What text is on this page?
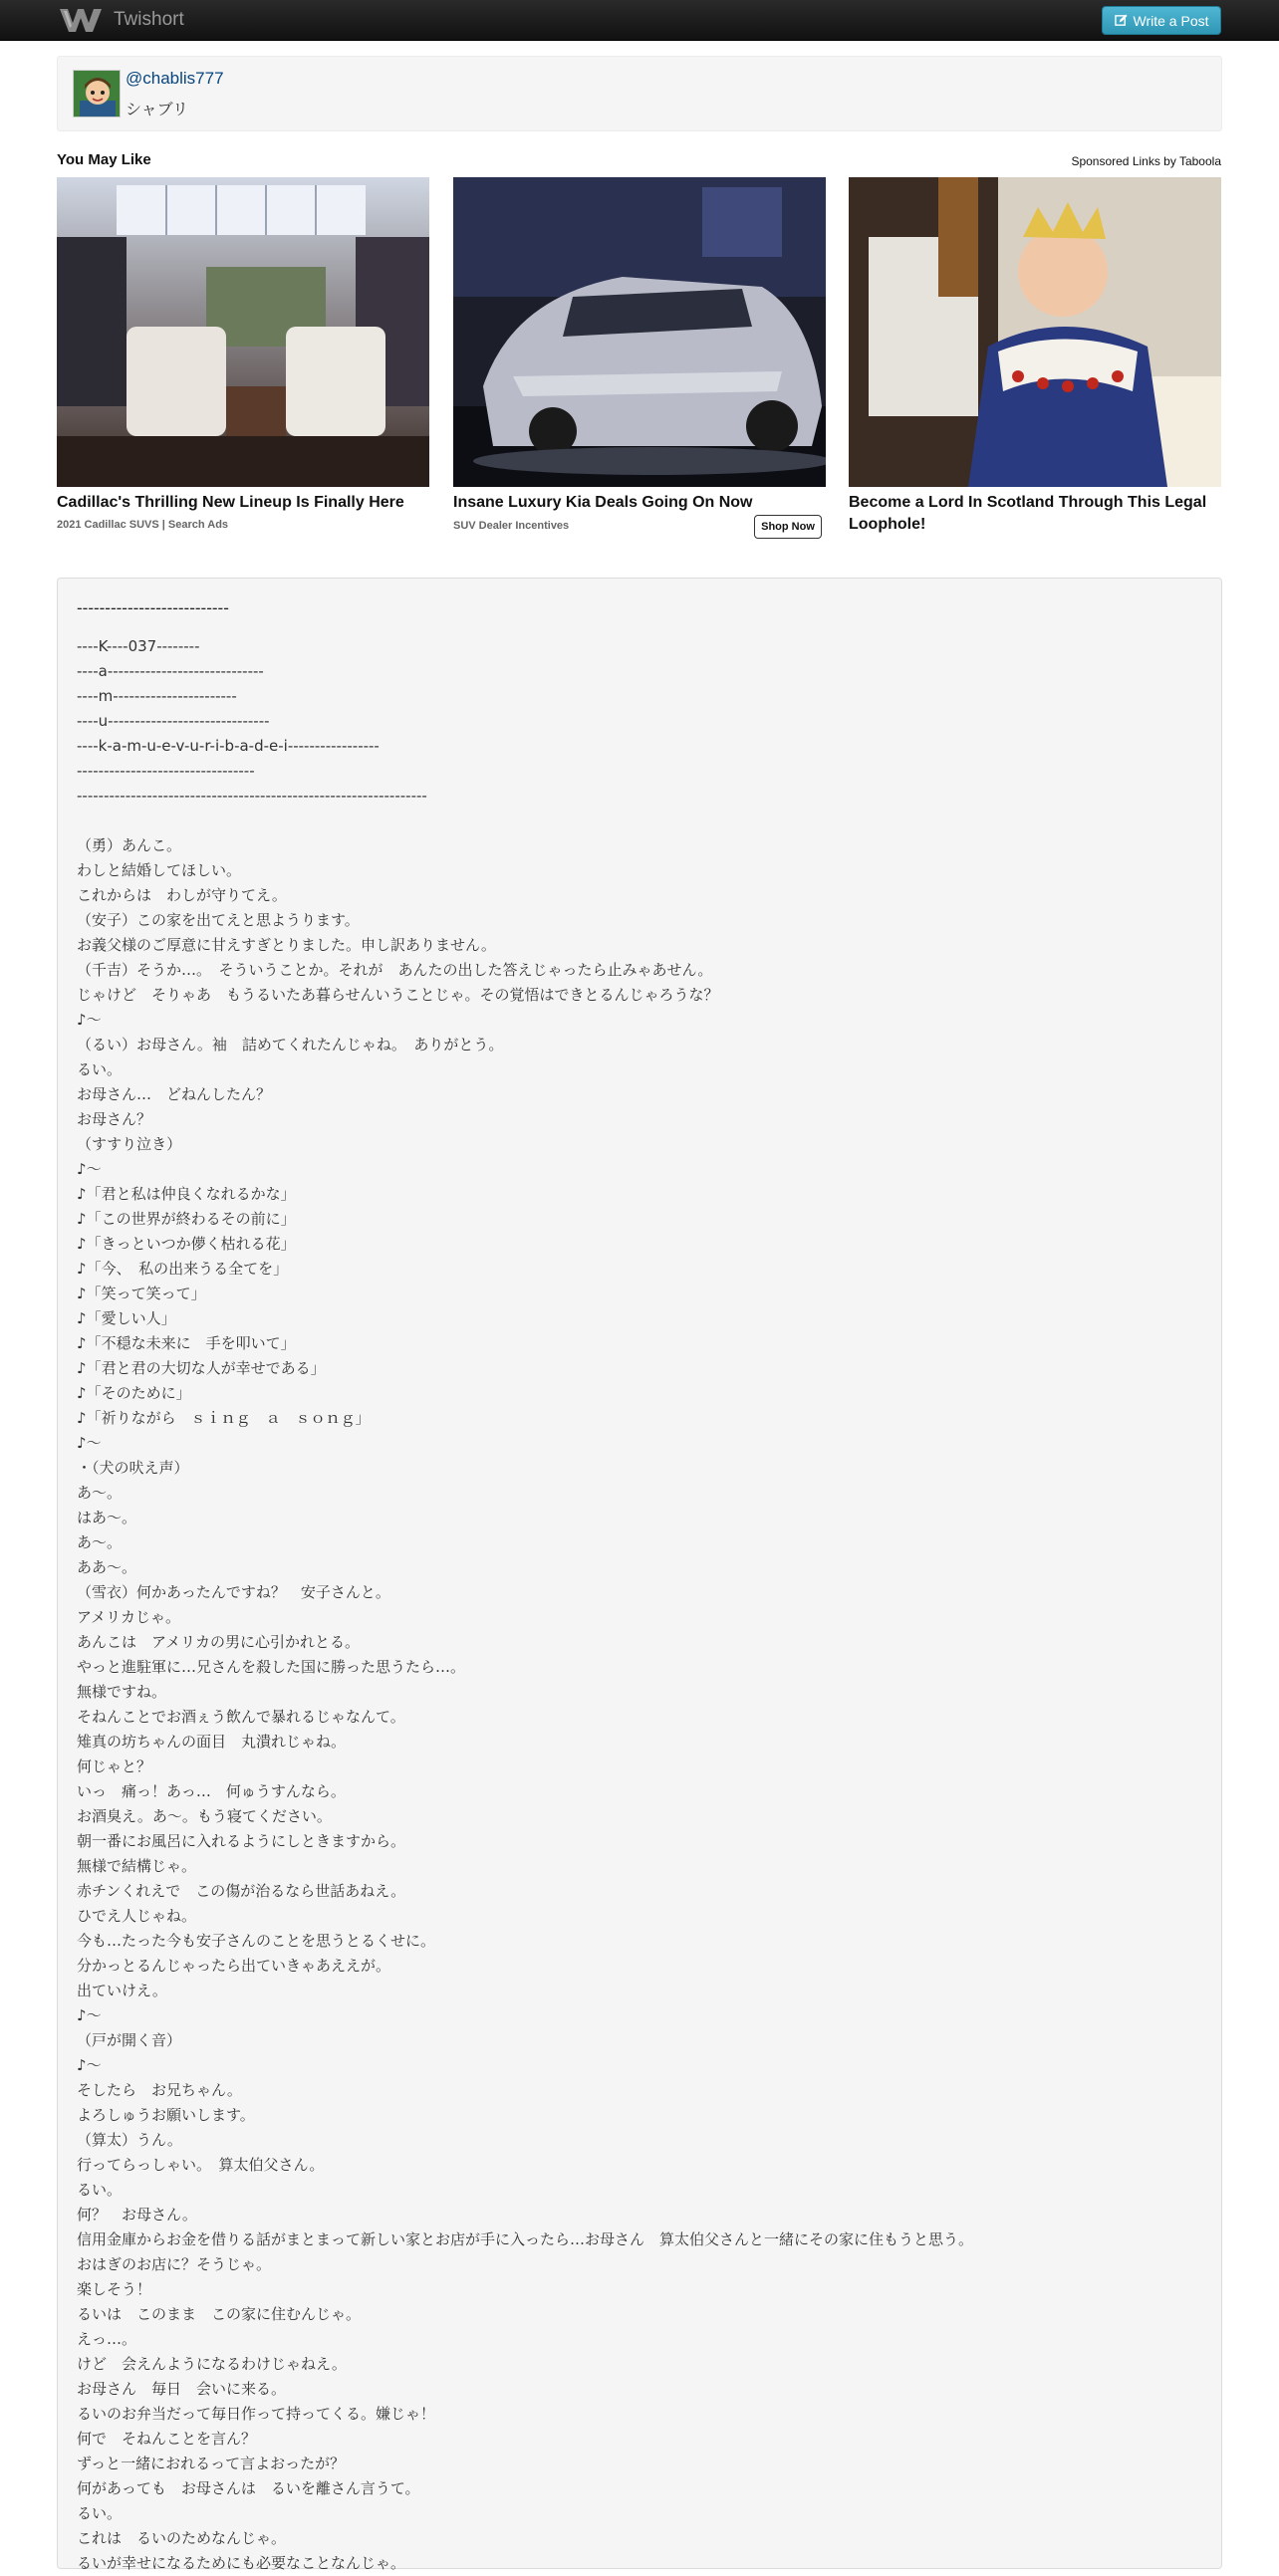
Twishort	Write a Post
@chablis777
シャブリ
You May Like	Sponsored Links by Taboola
Cadillac's Thrilling New Lineup Is Finally Here
2021 Cadillac SUVS | Search Ads
Insane Luxury Kia Deals Going On Now
SUV Dealer Incentives	Shop Now
Become a Lord In Scotland Through This Legal Loophole!
---------------------------
----K----037--------
----a-----------------------------
----m-----------------------
----u------------------------------
----k-a-m-u-e-v-u-r-i-b-a-d-e-i-----------------
---------------------------------
-----------------------------------------------------------------
（勇）あんこ。
わしと結婚してほしい。
これからは　わしが守りてえ。
（安子）この家を出てえと思ようります。
お義父様のご厚意に甘えすぎとりました。申し訳ありません。
（千吉）そうか…。　そういうことか。それが　あんたの出した答えじゃったら止みゃあせん。
じゃけど　そりゃあ　もうるいたあ暮らせんいうことじゃ。その覚悟はできとるんじゃろうな？
♪～
（るい）お母さん。袖　詰めてくれたんじゃね。　ありがとう。
るい。
お母さん…　どねんしたん？
お母さん？
（すすり泣き）
♪～
♪「君と私は仲良くなれるかな」
♪「この世界が終わるその前に」
♪「きっといつか儚く枯れる花」
♪「今、　私の出来うる全てを」
♪「笑って笑って」
♪「愛しい人」
♪「不穏な未来に　手を叩いて」
♪「君と君の大切な人が幸せである」
♪「そのために」
♪「祈りながら　ｓｉｎｇ　ａ　ｓｏｎｇ」
♪～
・（犬の吠え声）
あ～。
はあ～。
あ～。
ああ～。
（雪衣）何かあったんですね？　安子さんと。
アメリカじゃ。
あんこは　アメリカの男に心引かれとる。
やっと進駐軍に…兄さんを殺した国に勝った思うたら…。
無様ですね。
そねんことでお酒ぇう飲んで暴れるじゃなんて。
雉真の坊ちゃんの面目　丸潰れじゃね。
何じゃと？
いっ　痛っ！あっ…　何ゅうすんなら。
お酒臭え。あ～。もう寝てください。
朝一番にお風呂に入れるようにしときますから。
無様で結構じゃ。
赤チンくれえで　この傷が治るなら世話あねえ。
ひでえ人じゃね。
今も…たった今も安子さんのことを思うとるくせに。
分かっとるんじゃったら出ていきゃあええが。
出ていけえ。
♪～
（戸が開く音）
♪～
そしたら　お兄ちゃん。
よろしゅうお願いします。
（算太）うん。
行ってらっしゃい。　算太伯父さん。
るい。
何？　お母さん。
信用金庫からお金を借りる話がまとまって新しい家とお店が手に入ったら…お母さん　算太伯父さんと一緒にその家に住もうと思う。
おはぎのお店に？そうじゃ。
楽しそう！
るいは　このまま　この家に住むんじゃ。
えっ…。
けど　会えんようになるわけじゃねえ。
お母さん　毎日　会いに来る。
るいのお弁当だって毎日作って持ってくる。嫌じゃ！
何で　そねんことを言ん？
ずっと一緒におれるって言よおったが？
何があっても　お母さんは　るいを離さん言うて。
るい。
これは　るいのためなんじゃ。
るいが幸せになるためにも必要なことなんじゃ。
